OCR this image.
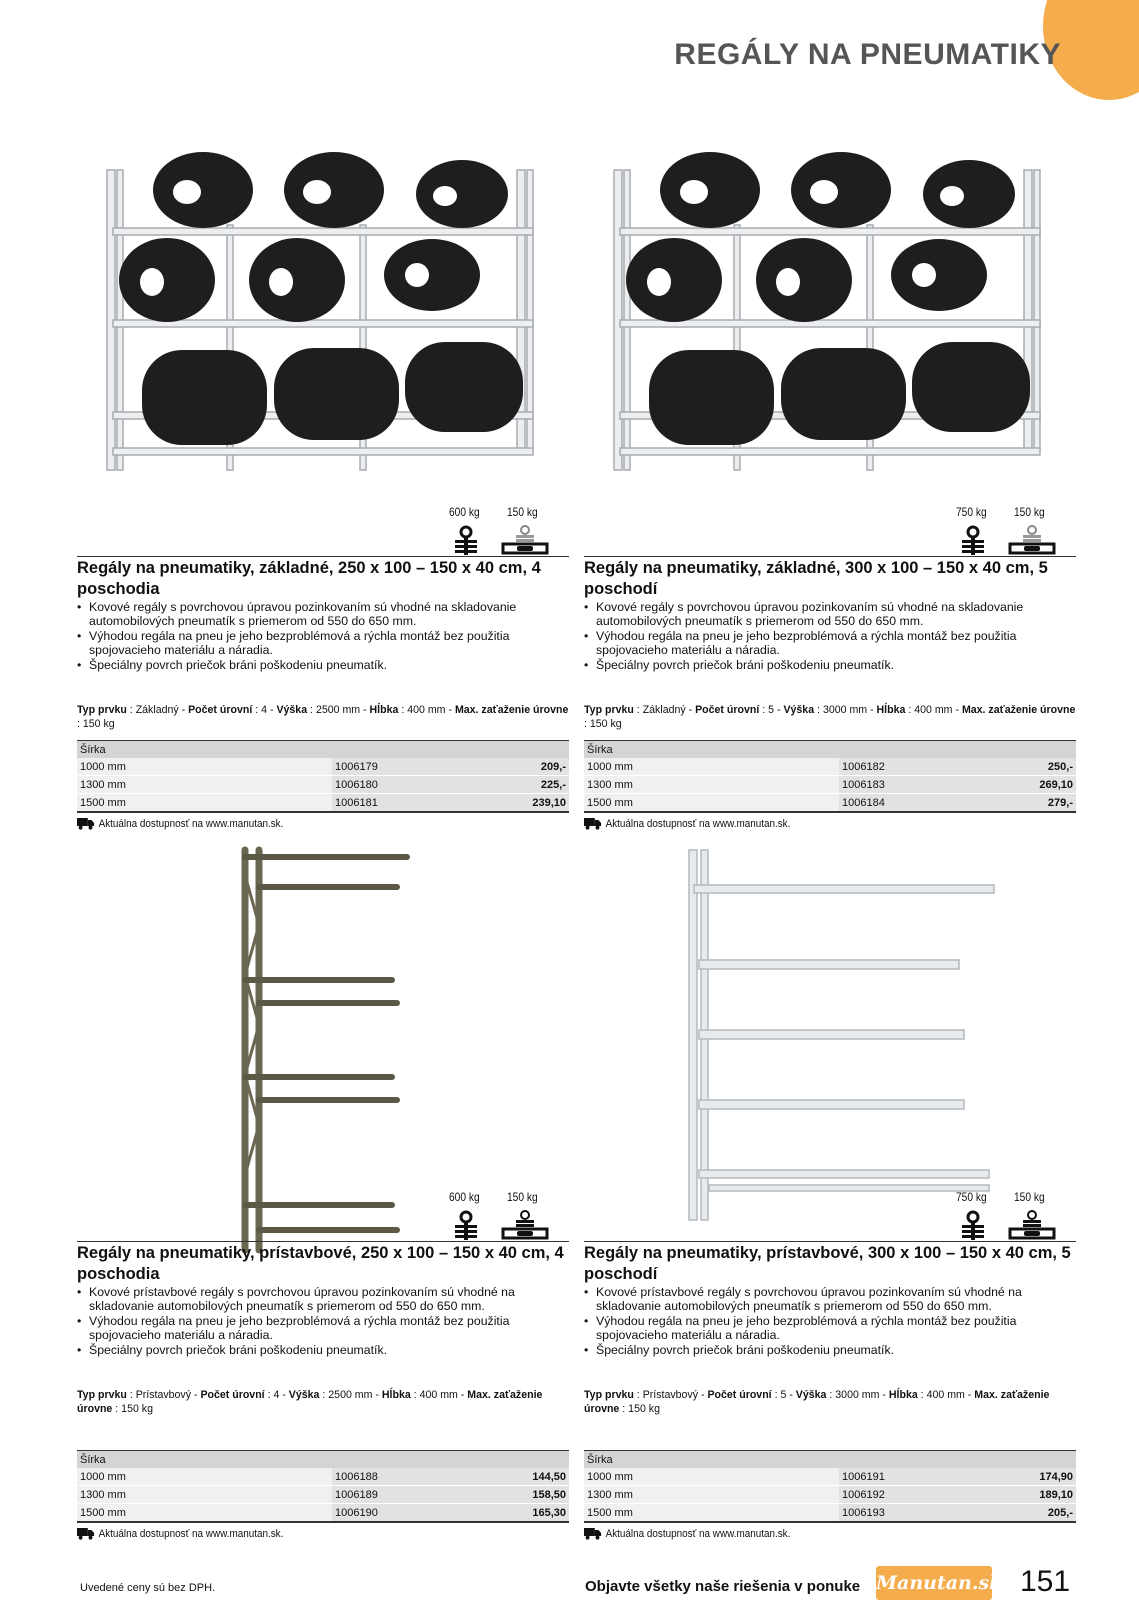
REGÁLY NA PNEUMATIKY
600 kg 150 kg
Regály na pneumatiky, základné, 250 x 100 – 150 x 40 cm, 4 poschodia
• Kovové regály s povrchovou úpravou pozinkovaním sú vhodné na skladovanie automobilových pneumatík s priemerom od 550 do 650 mm.
• Výhodou regála na pneu je jeho bezproblémová a rýchla montáž bez použitia spojovacieho materiálu a náradia.
• Špeciálny povrch priečok bráni poškodeniu pneumatík.
Typ prvku : Základný - Počet úrovní : 4 - Výška : 2500 mm - Hĺbka : 400 mm - Max. zaťaženie úrovne : 150 kg
Šírka		
1000 mm	1006179	209,-
1300 mm	1006180	225,-
1500 mm	1006181	239,10
Aktuálna dostupnosť na www.manutan.sk.
750 kg 150 kg
Regály na pneumatiky, základné, 300 x 100 – 150 x 40 cm, 5 poschodí
• Kovové regály s povrchovou úpravou pozinkovaním sú vhodné na skladovanie automobilových pneumatík s priemerom od 550 do 650 mm.
• Výhodou regála na pneu je jeho bezproblémová a rýchla montáž bez použitia spojovacieho materiálu a náradia.
• Špeciálny povrch priečok bráni poškodeniu pneumatík.
Typ prvku : Základný - Počet úrovní : 5 - Výška : 3000 mm - Hĺbka : 400 mm - Max. zaťaženie úrovne : 150 kg
Šírka		
1000 mm	1006182	250,-
1300 mm	1006183	269,10
1500 mm	1006184	279,-
Aktuálna dostupnosť na www.manutan.sk.
600 kg 150 kg
Regály na pneumatiky, prístavbové, 250 x 100 – 150 x 40 cm, 4 poschodia
• Kovové prístavbové regály s povrchovou úpravou pozinkovaním sú vhodné na skladovanie automobilových pneumatík s priemerom od 550 do 650 mm.
• Výhodou regála na pneu je jeho bezproblémová a rýchla montáž bez použitia spojovacieho materiálu a náradia.
• Špeciálny povrch priečok bráni poškodeniu pneumatík.
Typ prvku : Prístavbový - Počet úrovní : 4 - Výška : 2500 mm - Hĺbka : 400 mm - Max. zaťaženie úrovne : 150 kg
Šírka		
1000 mm	1006188	144,50
1300 mm	1006189	158,50
1500 mm	1006190	165,30
Aktuálna dostupnosť na www.manutan.sk.
750 kg 150 kg
Regály na pneumatiky, prístavbové, 300 x 100 – 150 x 40 cm, 5 poschodí
• Kovové prístavbové regály s povrchovou úpravou pozinkovaním sú vhodné na skladovanie automobilových pneumatík s priemerom od 550 do 650 mm.
• Výhodou regála na pneu je jeho bezproblémová a rýchla montáž bez použitia spojovacieho materiálu a náradia.
• Špeciálny povrch priečok bráni poškodeniu pneumatík.
Typ prvku : Prístavbový - Počet úrovní : 5 - Výška : 3000 mm - Hĺbka : 400 mm - Max. zaťaženie úrovne : 150 kg
Šírka		
1000 mm	1006191	174,90
1300 mm	1006192	189,10
1500 mm	1006193	205,-
Aktuálna dostupnosť na www.manutan.sk.
Uvedené ceny sú bez DPH.	Objavte všetky naše riešenia v ponuke Manutan.sk 151
